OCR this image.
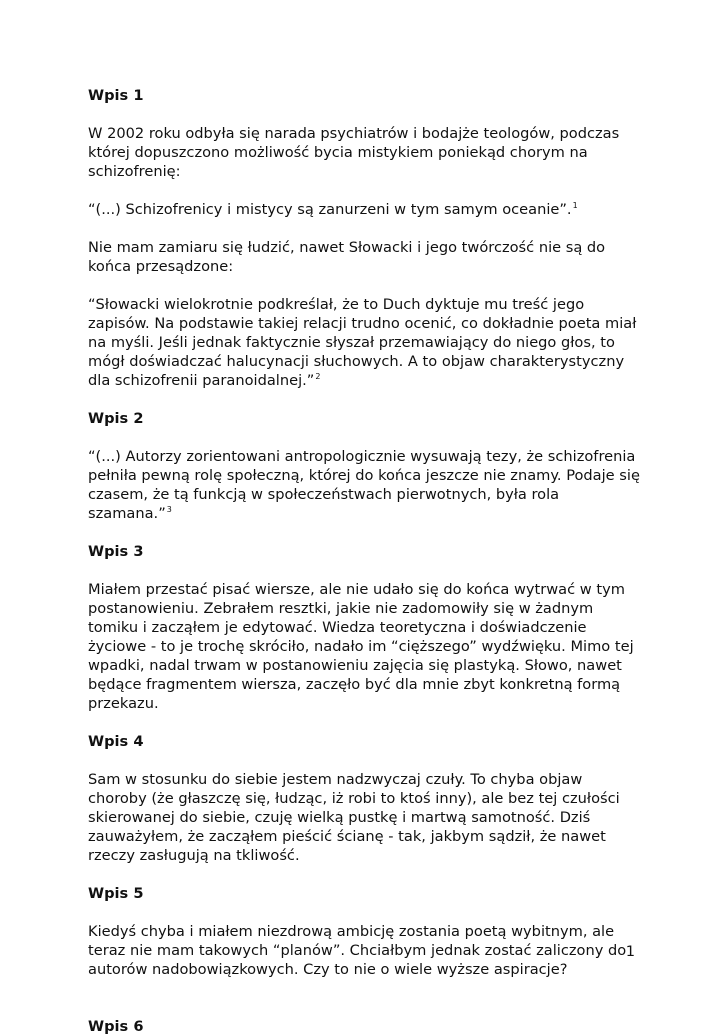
Wpis 1

W 2002 roku odbyła się narada psychiatrów i bodajże teologów, podczas której dopuszczono możliwość bycia mistykiem poniekąd chorym na schizofrenię:

“(...) Schizofrenicy i mistycy są zanurzeni w tym samym oceanie”.$^1$

Nie mam zamiaru się łudzić, nawet Słowacki i jego twórczość nie są do końca przesądzone:

“Słowacki wielokrotnie podkreślał, że to Duch dyktuje mu treść jego zapisów. Na podstawie takiej relacji trudno ocenić, co dokładnie poeta miał na myśli. Jeśli jednak faktycznie słyszał przemawiający do niego głos, to mógł doświadczać halucynacji słuchowych. A to objaw charakterystyczny dla schizofrenii paranoidalnej.”$^2$

Wpis 2

“(...) Autorzy zorientowani antropologicznie wysuwają tezy, że schizofrenia pełniła pewną rolę społeczną, której do końca jeszcze nie znamy. Podaje się czasem, że tą funkcją w społeczeństwach pierwotnych, była rola szamana.”$^3$

Wpis 3

Miałem przestać pisać wiersze, ale nie udało się do końca wytrwać w tym postanowieniu. Zebrałem resztki, jakie nie zadomowiły się w żadnym tomiku i zacząłem je edytować. Wiedza teoretyczna i doświadczenie życiowe - to je trochę skróciło, nadało im “cięższego” wydźwięku. Mimo tej wpadki, nadal trwam w postanowieniu zajęcia się plastyką. Słowo, nawet będące fragmentem wiersza, zaczęło być dla mnie zbyt konkretną formą przekazu.

Wpis 4

Sam w stosunku do siebie jestem nadzwyczaj czuły. To chyba objaw choroby (że głaszczę się, łudząc, iż robi to ktoś inny), ale bez tej czułości skierowanej do siebie, czuję wielką pustkę i martwą samotność. Dziś zauważyłem, że zacząłem pieścić ścianę - tak, jakbym sądził, że nawet rzeczy zasługują na tkliwość.

Wpis 5

Kiedyś chyba i miałem niezdrową ambicję zostania poetą wybitnym, ale teraz nie mam takowych “planów”. Chciałbym jednak zostać zaliczony do autorów nadobowiązkowych. Czy to nie o wiele wyższe aspiracje?

Wpis 6

1
